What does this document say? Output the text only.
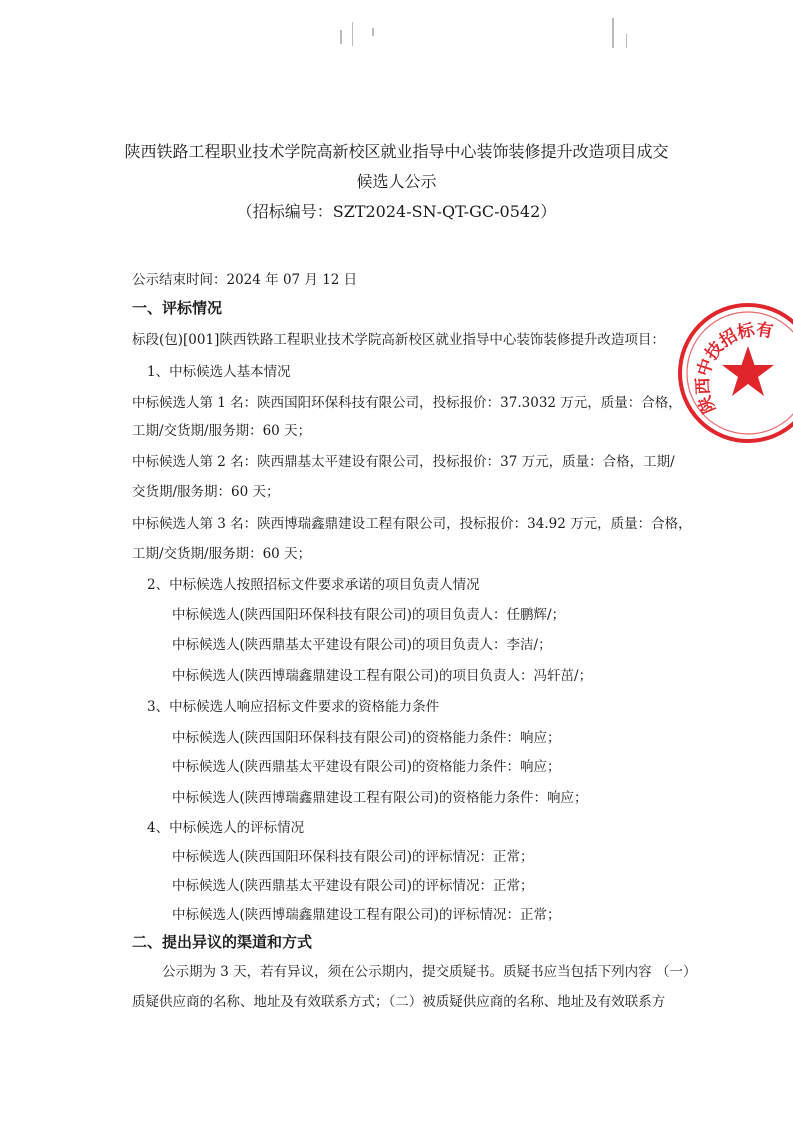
陕西铁路工程职业技术学院高新校区就业指导中心装饰装修提升改造项目成交
候选人公示
（招标编号：SZT2024-SN-QT-GC-0542）
公示结束时间：2024 年 07 月 12 日
一、评标情况
标段(包)[001]陕西铁路工程职业技术学院高新校区就业指导中心装饰装修提升改造项目：
1、中标候选人基本情况
中标候选人第 1 名：陕西国阳环保科技有限公司，投标报价：37.3032 万元，质量：合格，
工期/交货期/服务期：60 天；
中标候选人第 2 名：陕西鼎基太平建设有限公司，投标报价：37 万元，质量：合格，工期/
交货期/服务期：60 天；
中标候选人第 3 名：陕西博瑞鑫鼎建设工程有限公司，投标报价：34.92 万元，质量：合格，
工期/交货期/服务期：60 天；
2、中标候选人按照招标文件要求承诺的项目负责人情况
中标候选人(陕西国阳环保科技有限公司)的项目负责人：任鹏辉/；
中标候选人(陕西鼎基太平建设有限公司)的项目负责人：李洁/；
中标候选人(陕西博瑞鑫鼎建设工程有限公司)的项目负责人：冯轩茁/；
3、中标候选人响应招标文件要求的资格能力条件
中标候选人(陕西国阳环保科技有限公司)的资格能力条件：响应；
中标候选人(陕西鼎基太平建设有限公司)的资格能力条件：响应；
中标候选人(陕西博瑞鑫鼎建设工程有限公司)的资格能力条件：响应；
4、中标候选人的评标情况
中标候选人(陕西国阳环保科技有限公司)的评标情况：正常；
中标候选人(陕西鼎基太平建设有限公司)的评标情况：正常；
中标候选人(陕西博瑞鑫鼎建设工程有限公司)的评标情况：正常；
二、提出异议的渠道和方式
公示期为 3 天，若有异议，须在公示期内，提交质疑书。质疑书应当包括下列内容 （一）
质疑供应商的名称、地址及有效联系方式；（二）被质疑供应商的名称、地址及有效联系方
陕西中技招标有
